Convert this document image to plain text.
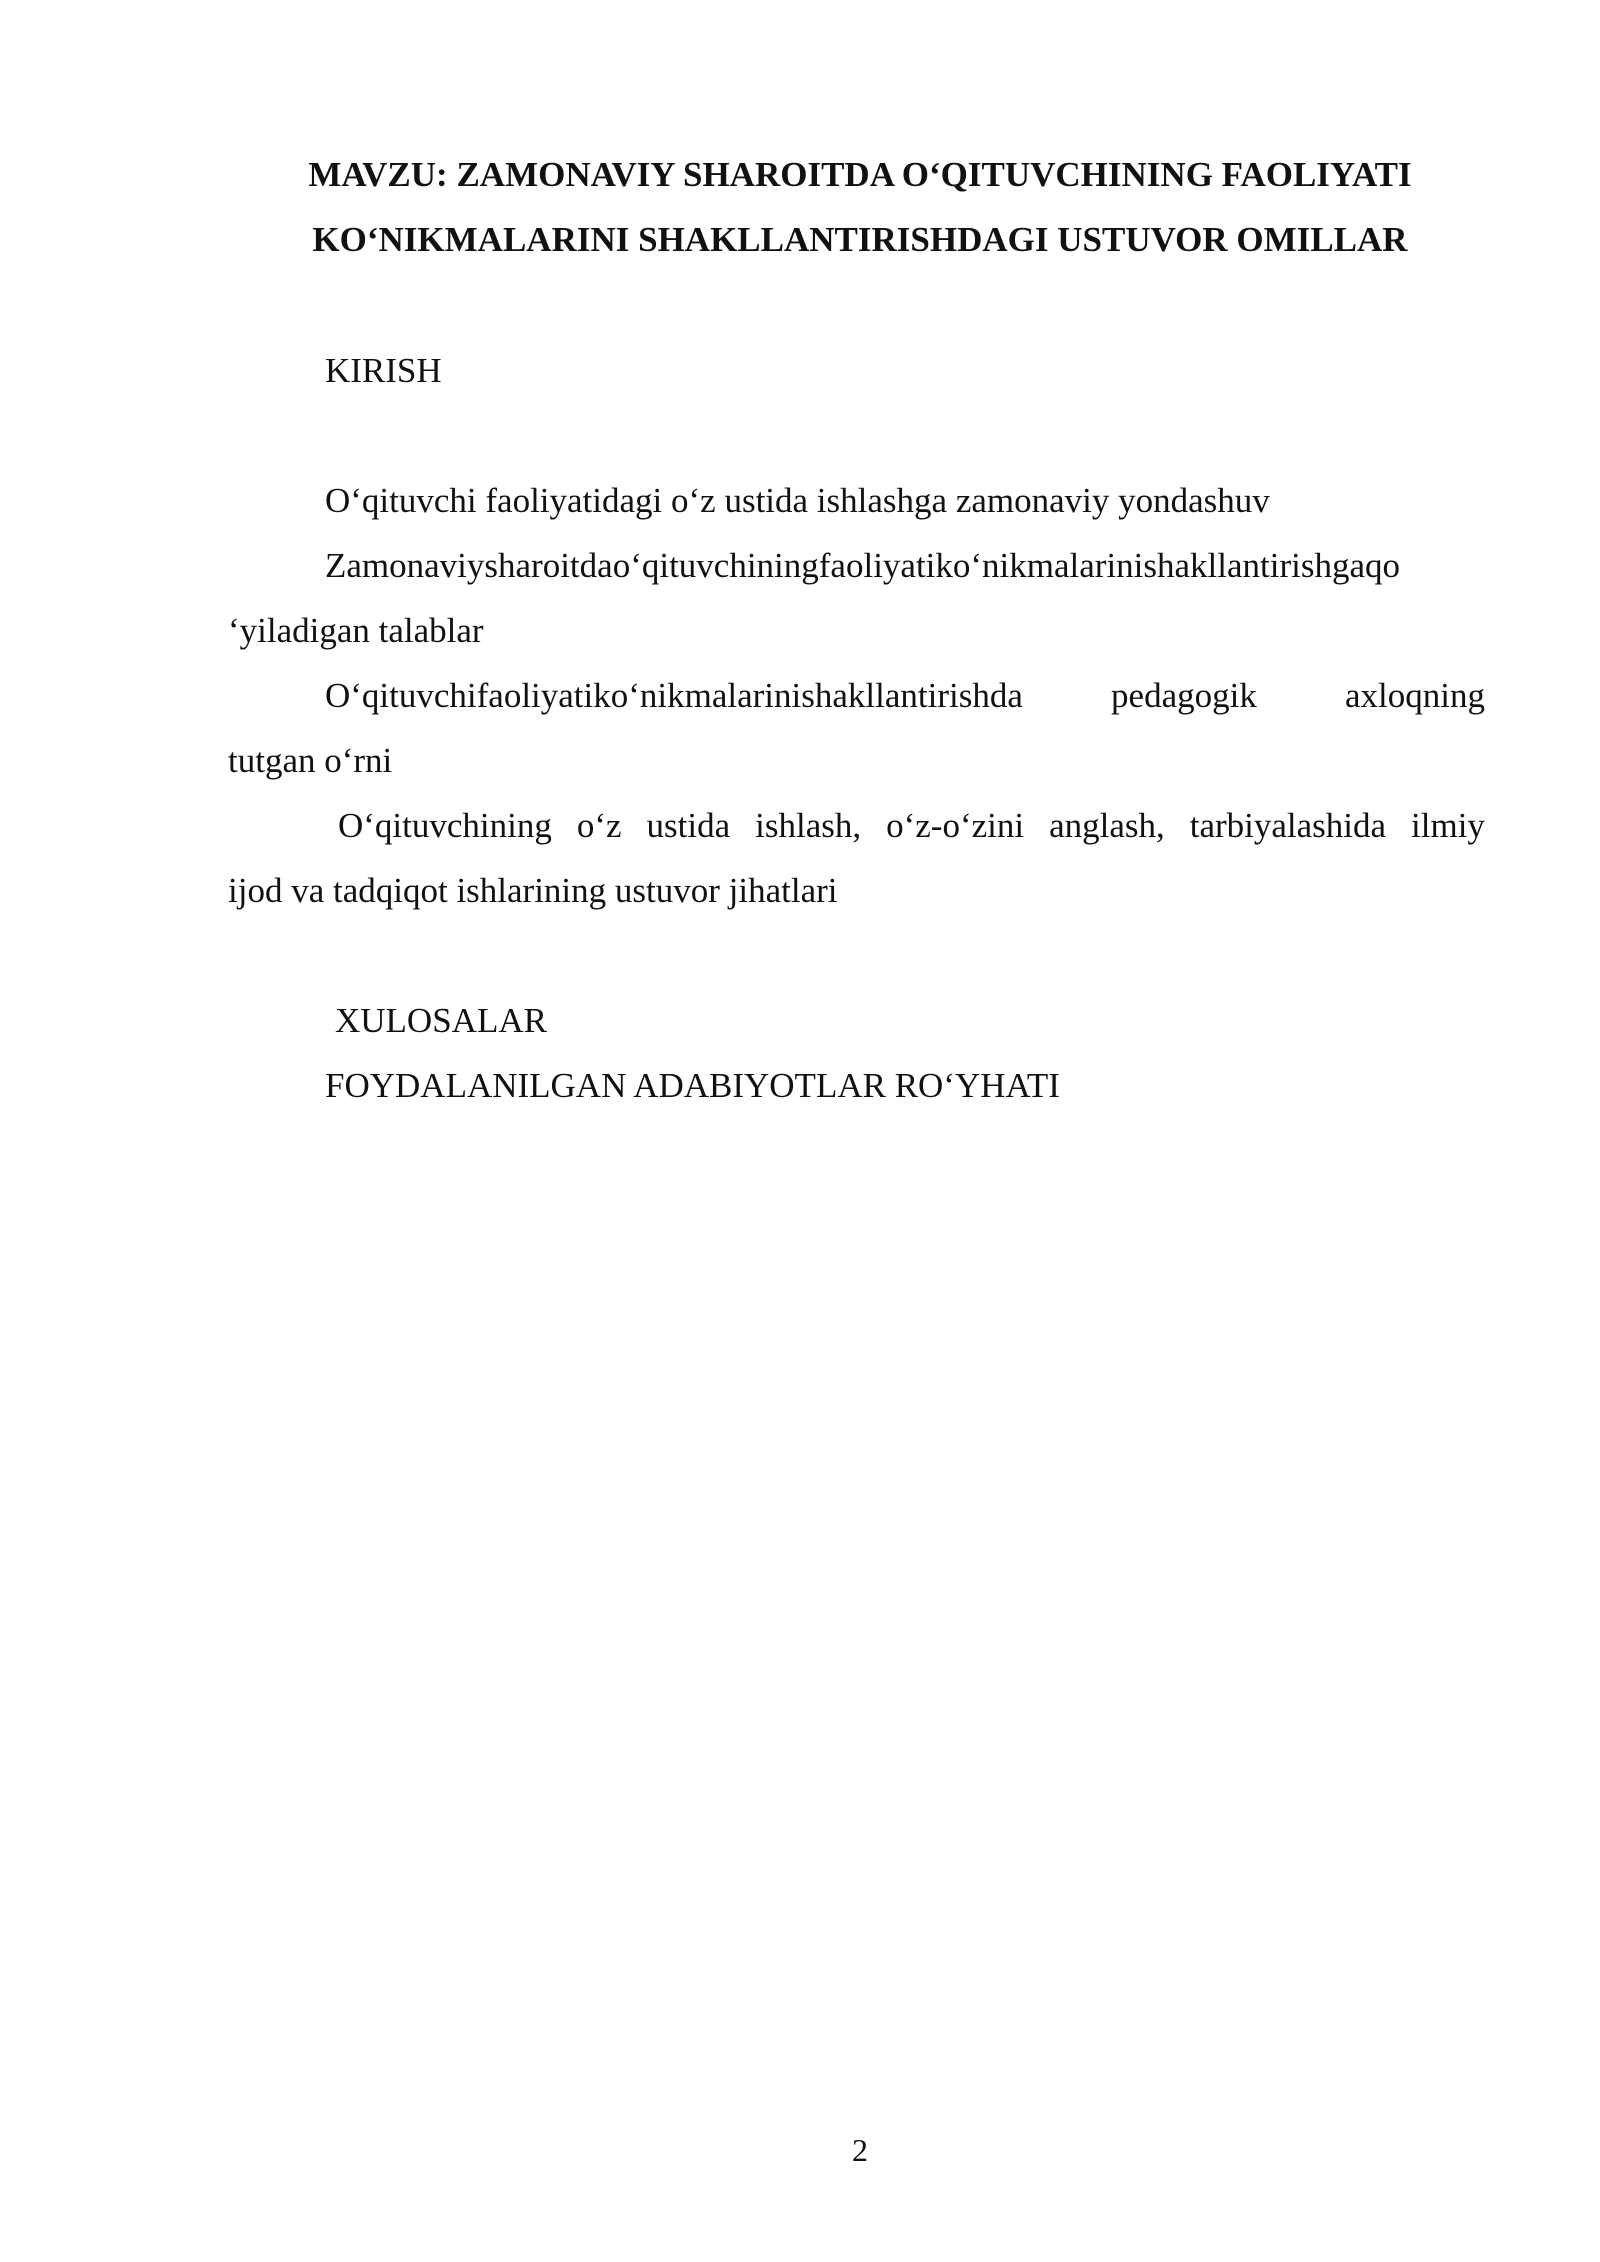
MAVZU: ZAMONAVIY SHAROITDA O‘QITUVCHINING FAOLIYATI
KO‘NIKMALARINI SHAKLLANTIRISHDAGI USTUVOR OMILLAR

KIRISH

O‘qituvchi faoliyatidagi o‘z ustida ishlashga zamonaviy yondashuv

Zamonaviysharoitdao‘qituvchiningfaoliyatiko‘nikmalarinishakllantirishgaqo

‘yiladigan talablar

O‘qituvchifaoliyatiko‘nikmalarinishakllantirishda	pedagogik	axloqning

tutgan o‘rni

O‘qituvchining o‘z ustida ishlash, o‘z-o‘zini anglash, tarbiyalashida ilmiy

ijod va tadqiqot ishlarining ustuvor jihatlari

XULOSALAR

FOYDALANILGAN ADABIYOTLAR RO‘YHATI

2
